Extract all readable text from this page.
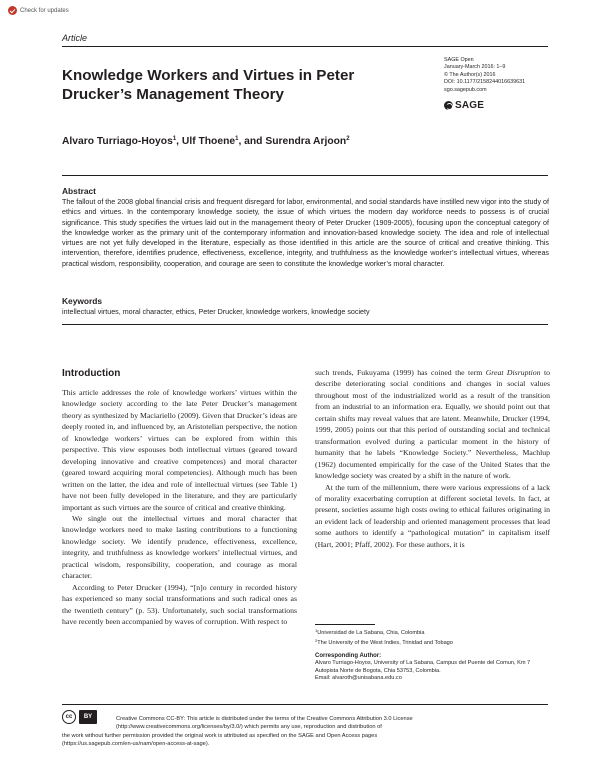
Check for updates
Article
Knowledge Workers and Virtues in Peter Drucker’s Management Theory
SAGE Open
January-March 2016: 1–9
© The Author(s) 2016
DOI: 10.1177/2158244016639631
sgo.sagepub.com
SAGE
Alvaro Turriago-Hoyos$^1$, Ulf Thoene$^1$, and Surendra Arjoon$^2$
Abstract

The fallout of the 2008 global financial crisis and frequent disregard for labor, environmental, and social standards have instilled new vigor into the study of ethics and virtues. In the contemporary knowledge society, the issue of which virtues the modern day workforce needs to possess is of crucial significance. This study specifies the virtues laid out in the management theory of Peter Drucker (1909-2005), focusing upon the conceptual category of the knowledge worker as the primary unit of the contemporary information and innovation-based knowledge society. The idea and role of intellectual virtues are not yet fully developed in the literature, especially as those identified in this article are the source of critical and creative thinking. This intervention, therefore, identifies prudence, effectiveness, excellence, integrity, and truthfulness as the knowledge worker’s intellectual virtues, whereas practical wisdom, responsibility, cooperation, and courage are seen to constitute the knowledge worker’s moral character.

Keywords

intellectual virtues, moral character, ethics, Peter Drucker, knowledge workers, knowledge society

Introduction

This article addresses the role of knowledge workers’ virtues within the knowledge society according to the late Peter Drucker’s management theory as synthesized by Maciariello (2009). Given that Drucker’s ideas are deeply rooted in, and influenced by, an Aristotelian perspective, the notion of knowledge workers’ virtues can be explored from within this perspective. This view espouses both intellectual virtues (geared toward developing innovative and creative competences) and moral character (geared toward acquiring moral competencies). Although much has been written on the latter, the idea and role of intellectual virtues (see Table 1) have not been fully developed in the literature, and they are particularly important as such virtues are the source of critical and creative thinking.

We single out the intellectual virtues and moral character that knowledge workers need to make lasting contributions to a functioning knowledge society. We identify prudence, effectiveness, excellence, integrity, and truthfulness as knowledge workers’ intellectual virtues, and practical wisdom, responsibility, cooperation, and courage as moral character.

According to Peter Drucker (1994), “[n]o century in recorded history has experienced so many social transformations and such radical ones as the twentieth century” (p. 53). Unfortunately, such social transformations have recently been accompanied by waves of corruption. With respect to

such trends, Fukuyama (1999) has coined the term Great Disruption to describe deteriorating social conditions and changes in social values throughout most of the industrialized world as a result of the transition from an industrial to an information era. Equally, we should point out that certain shifts may reveal values that are latent. Meanwhile, Drucker (1994, 1999, 2005) points out that this period of outstanding social and technical transformation evolved during a particular moment in the history of humanity that he labels “Knowledge Society.” Nevertheless, Machlup (1962) documented empirically for the case of the United States that the knowledge society was created by a shift in the nature of work.

At the turn of the millennium, there were various expressions of a lack of morality exacerbating corruption at different societal levels. In fact, at present, societies assume high costs owing to ethical failures originating in an evident lack of leadership and oriented management processes that lead some authors to identify a “pathological mutation” in capitalism itself (Hart, 2001; Pfaff, 2002). For these authors, it is

$^1$Universidad de La Sabana, Chia, Colombia
$^2$The University of the West Indies, Trinidad and Tobago
Corresponding Author:
Alvaro Turriago-Hoyos, University of La Sabana, Campus del Puente del Comun, Km 7 Autopista Norte de Bogota, Chia 53753, Colombia.
Email: alvaroth@unisabana.edu.co
cc	BY	Creative Commons CC-BY: This article is distributed under the terms of the Creative Commons Attribution 3.0 License
(http://www.creativecommons.org/licenses/by/3.0/) which permits any use, reproduction and distribution of
the work without further permission provided the original work is attributed as specified on the SAGE and Open Access pages
(https://us.sagepub.com/en-us/nam/open-access-at-sage).
